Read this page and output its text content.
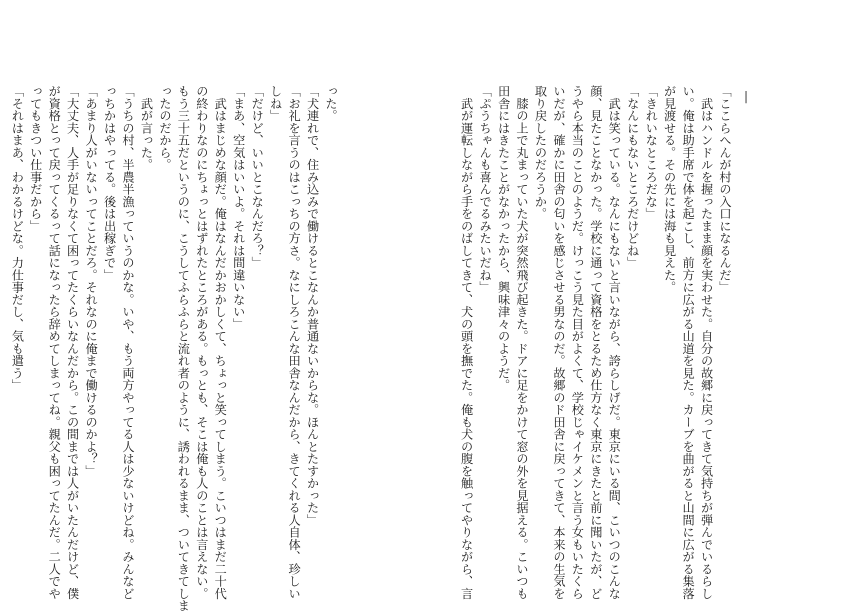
|
「ここらへんが村の入口になるんだ」
　武はハンドルを握ったまま顔を実わせた。自分の故郷に戻ってきて気持ちが弾んでいるらし
い。俺は助手席で体を起こし、前方に広がる山道を見た。カーブを曲がると山間に広がる集落
が見渡せる。その先には海も見えた。
「きれいなところだな」
「なんにもないところだけどね」
　武は笑っている。なんにもないと言いながら、誇らしげだ。東京にいる間、こいつのこんな
顔、見たことなかった。学校に通って資格をとるため仕方なく東京にきたと前に聞いたが、ど
うやら本当のことのようだ。けっこう見た目がよくて、学校じゃイケメンと言う女もいたくら
いだが、確かに田舎の匂いを感じさせる男なのだ。故郷のド田舎に戻ってきて、本来の生気を
取り戻したのだろうか。
　膝の上で丸まっていた犬が突然飛び起きた。ドアに足をかけて窓の外を見据える。こいつも
田舎にはきたことがなかったから、興味津々のようだ。
「ぷうちゃんも喜んでるみたいだね」
　武が運転しながら手をのばしてきて、犬の頭を撫でた。俺も犬の腹を触ってやりながら、言
った。
「犬連れで、住み込みで働けるとこなんか普通ないからな。ほんとたすかった」
「お礼を言うのはこっちの方さ。なにしろこんな田舎なんだから、きてくれる人自体、珍しい
しね」
「だけど、いいとこなんだろ？」
「まあ、空気はいいよ。それは間違いない」
　武はまじめな顔だ。俺はなんだかおかしくて、ちょっと笑ってしまう。こいつはまだ二十代
の終わりなのにちょっとはずれたところがある。もっとも、そこは俺も人のことは言えない。
もう三十五だというのに、こうしてふらふらと流れ者のように、誘われるまま、ついてきてしま
ったのだから。
　武が言った。
「うちの村、半農半漁っていうのかな。いや、もう両方やってる人は少ないけどね。みんなど
っちかはやってる。後は出稼ぎで」
「あまり人がいないってことだろ。それなのに俺まで働けるのかよ？」
「大丈夫、人手が足りなくて困ってたくらいなんだから。この間までは人がいたんだけど、僕
が資格とって戻ってくるって話になったら辞めてしまってね。親父も困ってたんだ。二人でや
ってもきつい仕事だから」
「それはまあ、わかるけどな。力仕事だし、気も遣う」
